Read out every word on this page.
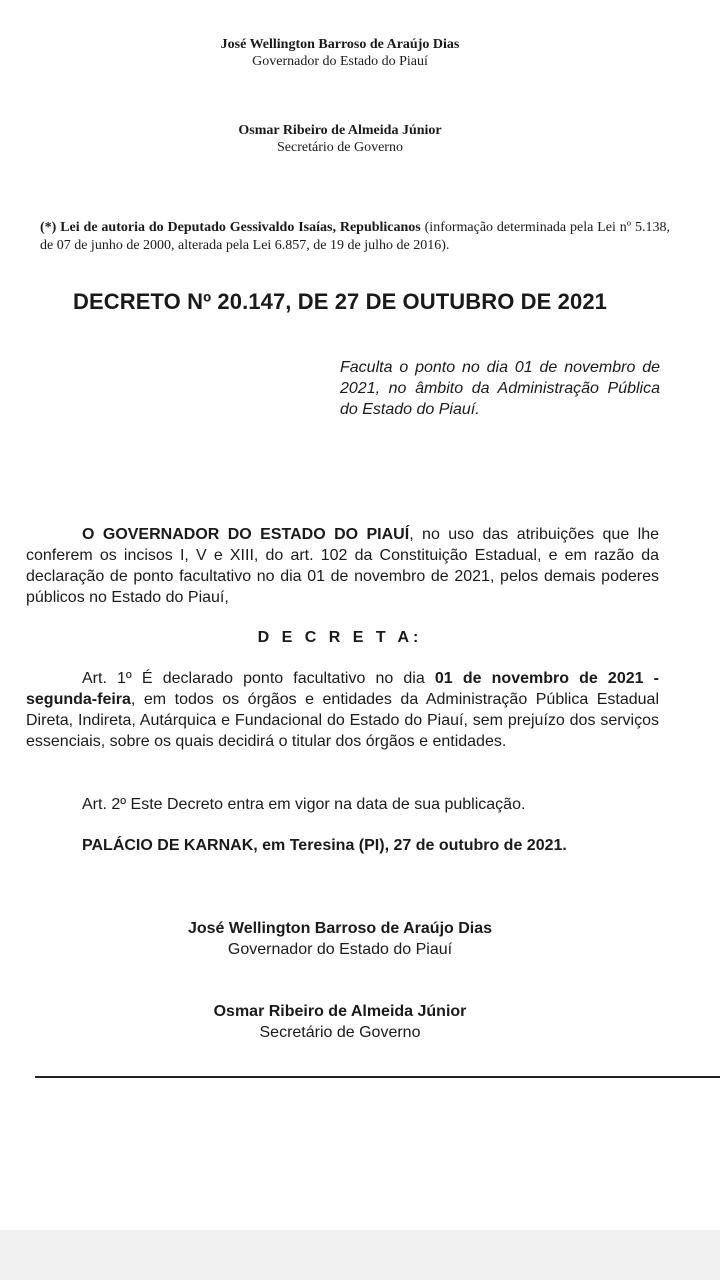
José Wellington Barroso de Araújo Dias
Governador do Estado do Piauí
Osmar Ribeiro de Almeida Júnior
Secretário de Governo
(*) Lei de autoria do Deputado Gessivaldo Isaías, Republicanos (informação determinada pela Lei nº 5.138, de 07 de junho de 2000, alterada pela Lei 6.857, de 19 de julho de 2016).
DECRETO Nº 20.147, DE 27 DE OUTUBRO DE 2021
Faculta o ponto no dia 01 de novembro de 2021, no âmbito da Administração Pública do Estado do Piauí.
O GOVERNADOR DO ESTADO DO PIAUÍ, no uso das atribuições que lhe conferem os incisos I, V e XIII, do art. 102 da Constituição Estadual, e em razão da declaração de ponto facultativo no dia 01 de novembro de 2021, pelos demais poderes públicos no Estado do Piauí,
D E C R E T A:
Art. 1º É declarado ponto facultativo no dia 01 de novembro de 2021 - segunda-feira, em todos os órgãos e entidades da Administração Pública Estadual Direta, Indireta, Autárquica e Fundacional do Estado do Piauí, sem prejuízo dos serviços essenciais, sobre os quais decidirá o titular dos órgãos e entidades.
Art. 2º Este Decreto entra em vigor na data de sua publicação.
PALÁCIO DE KARNAK, em Teresina (PI), 27 de outubro de 2021.
José Wellington Barroso de Araújo Dias
Governador do Estado do Piauí
Osmar Ribeiro de Almeida Júnior
Secretário de Governo
